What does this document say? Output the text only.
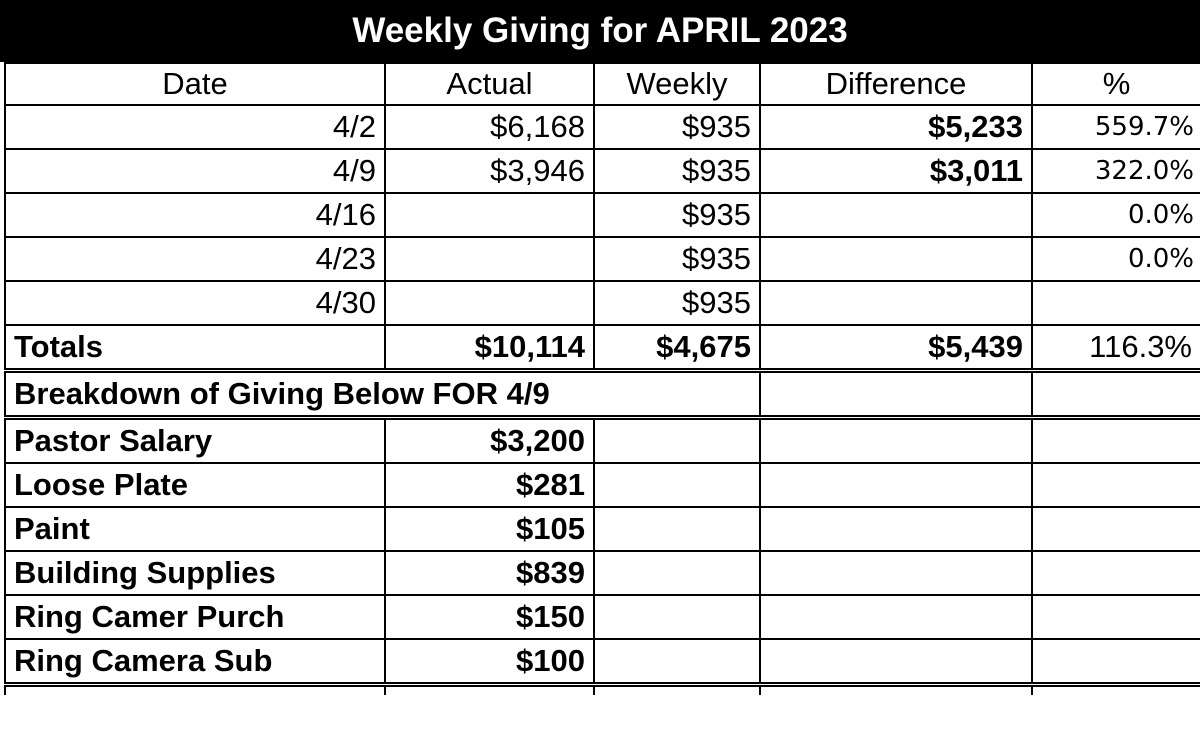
Weekly Giving for APRIL 2023
Date	Actual	Weekly	Difference	%
4/2	$6,168	$935	$5,233	559.7%
4/9	$3,946	$935	$3,011	322.0%
4/16		$935		0.0%
4/23		$935		0.0%
4/30		$935		
Totals	$10,114	$4,675	$5,439	116.3%
Breakdown of Giving Below FOR 4/9				
Pastor Salary	$3,200			
Loose Plate	$281			
Paint	$105			
Building Supplies	$839			
Ring Camer Purch	$150			
Ring Camera Sub	$100			
